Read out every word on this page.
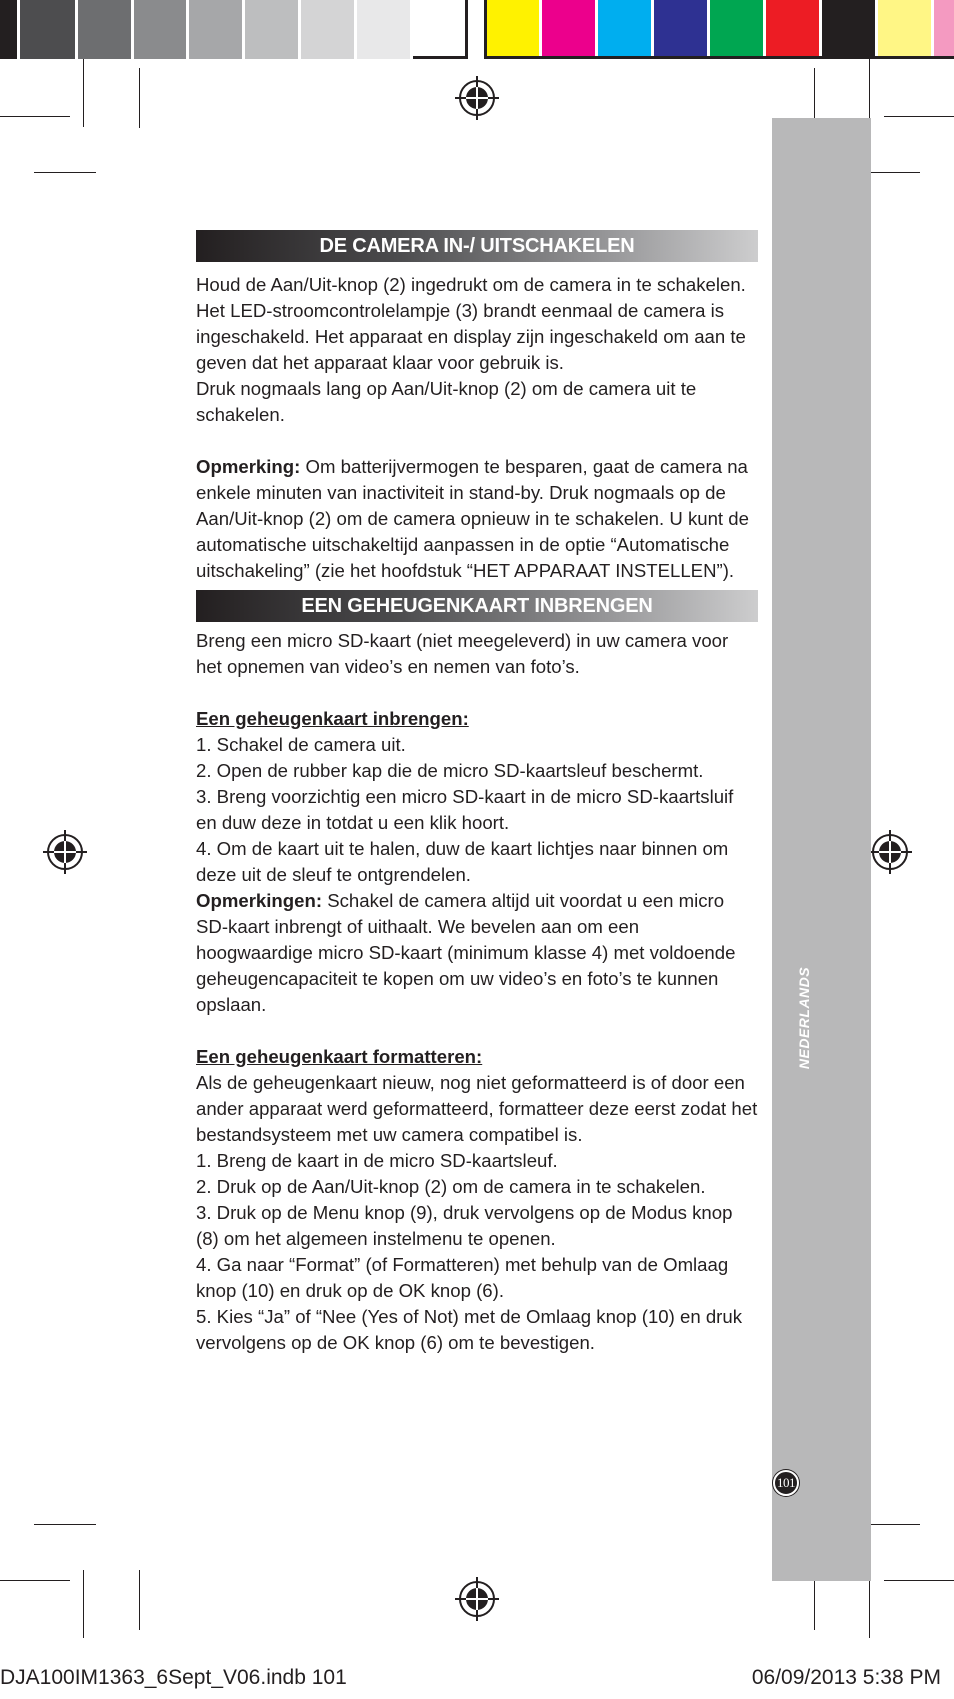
NEDERLANDS
101
DE CAMERA IN-/ UITSCHAKELEN

Houd de Aan/Uit-knop (2) ingedrukt om de camera in te schakelen. Het LED-stroomcontrolelampje (3) brandt eenmaal de camera is ingeschakeld. Het apparaat en display zijn ingeschakeld om aan te geven dat het apparaat klaar voor gebruik is.

Druk nogmaals lang op Aan/Uit-knop (2) om de camera uit te schakelen.

Opmerking: Om batterijvermogen te besparen, gaat de camera na enkele minuten van inactiviteit in stand-by. Druk nogmaals op de Aan/Uit-knop (2) om de camera opnieuw in te schakelen. U kunt de automatische uitschakeltijd aanpassen in de optie “Automatische uitschakeling” (zie het hoofdstuk “HET APPARAAT INSTELLEN”).

EEN GEHEUGENKAART INBRENGEN

Breng een micro SD-kaart (niet meegeleverd) in uw camera voor het opnemen van video’s en nemen van foto’s.

Een geheugenkaart inbrengen:

1. Schakel de camera uit.

2. Open de rubber kap die de micro SD-kaartsleuf beschermt.

3. Breng voorzichtig een micro SD-kaart in de micro SD-kaartsluif en duw deze in totdat u een klik hoort.

4. Om de kaart uit te halen, duw de kaart lichtjes naar binnen om deze uit de sleuf te ontgrendelen.

Opmerkingen: Schakel de camera altijd uit voordat u een micro SD-kaart inbrengt of uithaalt. We bevelen aan om een hoogwaardige micro SD-kaart (minimum klasse 4) met voldoende geheugencapaciteit te kopen om uw video’s en foto’s te kunnen opslaan.

Een geheugenkaart formatteren:

Als de geheugenkaart nieuw, nog niet geformatteerd is of door een ander apparaat werd geformatteerd, formatteer deze eerst zodat het bestandsysteem met uw camera compatibel is.

1. Breng de kaart in de micro SD-kaartsleuf.

2. Druk op de Aan/Uit-knop (2) om de camera in te schakelen.

3. Druk op de Menu knop (9), druk vervolgens op de Modus knop (8) om het algemeen instelmenu te openen.

4. Ga naar “Format” (of Formatteren) met behulp van de Omlaag knop (10) en druk op de OK knop (6).

5. Kies “Ja” of “Nee (Yes of Not) met de Omlaag knop (10) en druk vervolgens op de OK knop (6) om te bevestigen.

DJA100IM1363_6Sept_V06.indb 101	06/09/2013 5:38 PM
